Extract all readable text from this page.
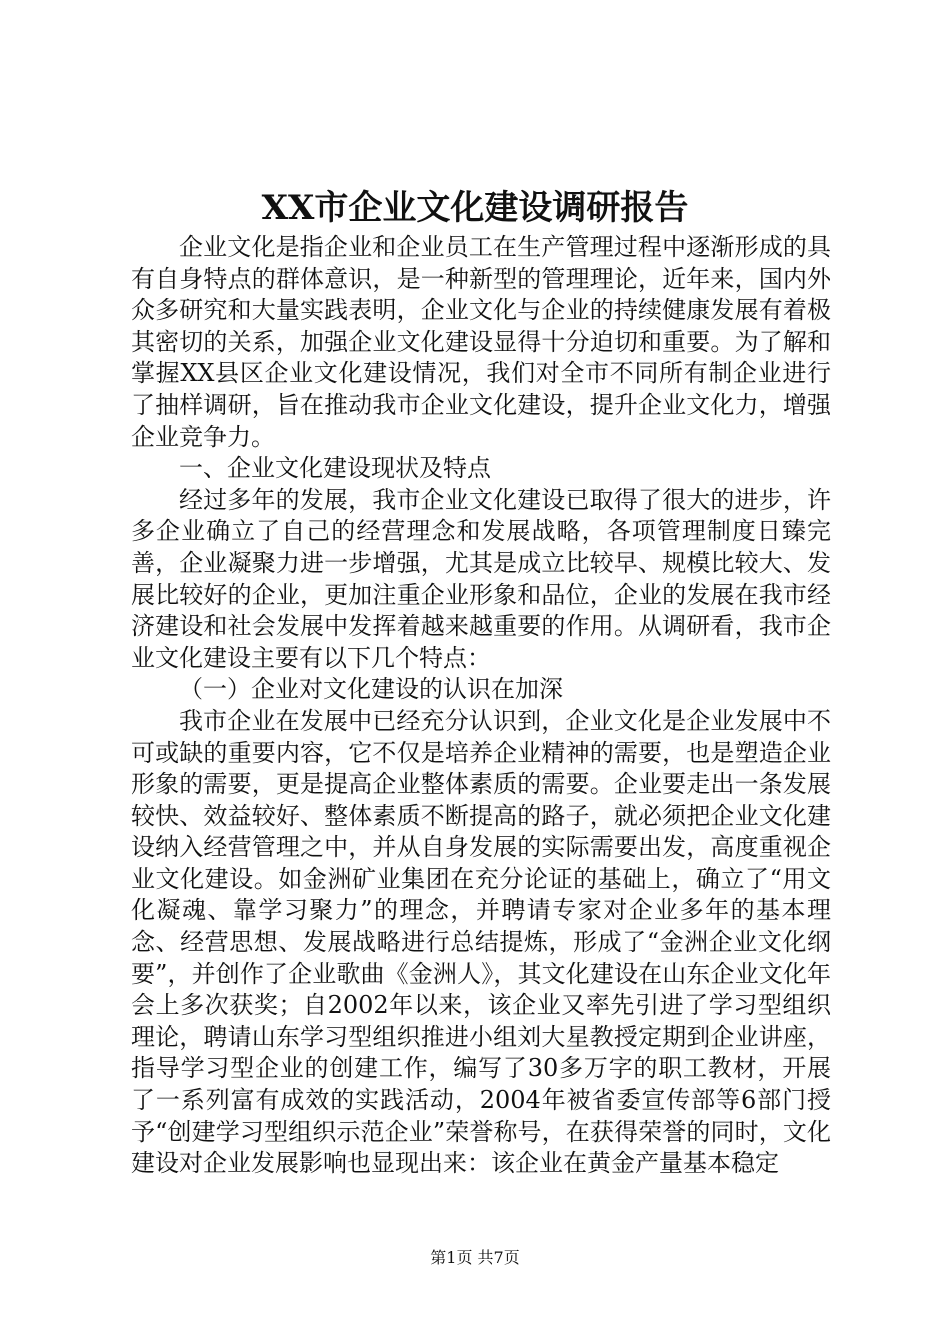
XX市企业文化建设调研报告

企业文化是指企业和企业员工在生产管理过程中逐渐形成的具有自身特点的群体意识，是一种新型的管理理论，近年来，国内外众多研究和大量实践表明，企业文化与企业的持续健康发展有着极其密切的关系，加强企业文化建设显得十分迫切和重要。为了解和掌握XX县区企业文化建设情况，我们对全市不同所有制企业进行了抽样调研，旨在推动我市企业文化建设，提升企业文化力，增强企业竞争力。

一、企业文化建设现状及特点

经过多年的发展，我市企业文化建设已取得了很大的进步，许多企业确立了自己的经营理念和发展战略，各项管理制度日臻完善，企业凝聚力进一步增强，尤其是成立比较早、规模比较大、发展比较好的企业，更加注重企业形象和品位，企业的发展在我市经济建设和社会发展中发挥着越来越重要的作用。从调研看，我市企业文化建设主要有以下几个特点：

（一）企业对文化建设的认识在加深

我市企业在发展中已经充分认识到，企业文化是企业发展中不可或缺的重要内容，它不仅是培养企业精神的需要，也是塑造企业形象的需要，更是提高企业整体素质的需要。企业要走出一条发展较快、效益较好、整体素质不断提高的路子，就必须把企业文化建设纳入经营管理之中，并从自身发展的实际需要出发，高度重视企业文化建设。如金洲矿业集团在充分论证的基础上，确立了“用文化凝魂、靠学习聚力”的理念，并聘请专家对企业多年的基本理念、经营思想、发展战略进行总结提炼，形成了“金洲企业文化纲要”，并创作了企业歌曲《金洲人》，其文化建设在山东企业文化年会上多次获奖；自2002年以来，该企业又率先引进了学习型组织理论，聘请山东学习型组织推进小组刘大星教授定期到企业讲座，指导学习型企业的创建工作，编写了30多万字的职工教材，开展了一系列富有成效的实践活动，2004年被省委宣传部等6部门授予“创建学习型组织示范企业”荣誉称号，在获得荣誉的同时，文化建设对企业发展影响也显现出来：该企业在黄金产量基本稳定

第1页 共7页
